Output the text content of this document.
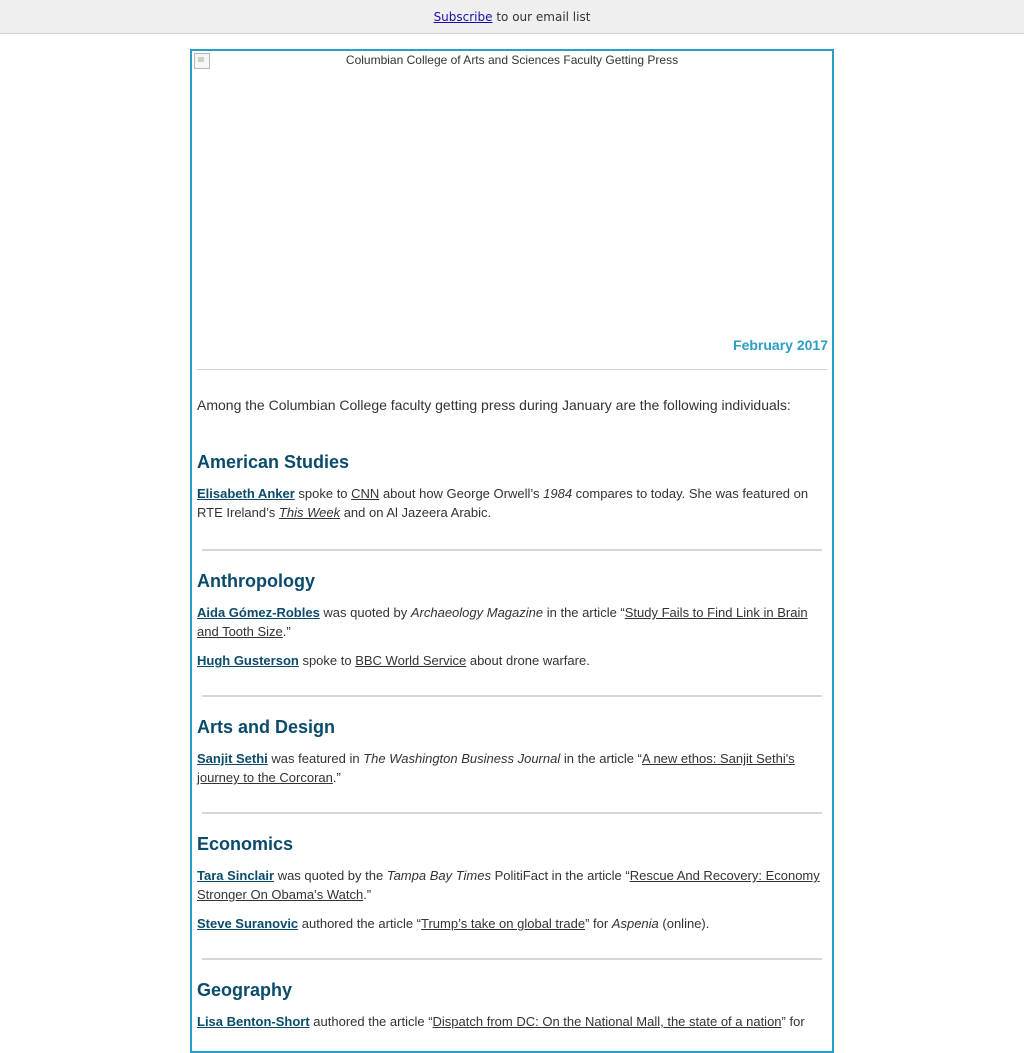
Subscribe to our email list
Columbian College of Arts and Sciences Faculty Getting Press
February 2017

Among the Columbian College faculty getting press during January are the following individuals:

American Studies

Elisabeth Anker spoke to CNN about how George Orwell’s 1984 compares to today. She was featured on RTE Ireland’s This Week and on Al Jazeera Arabic.

Anthropology

Aida Gómez-Robles was quoted by Archaeology Magazine in the article “Study Fails to Find Link in Brain and Tooth Size.”

Hugh Gusterson spoke to BBC World Service about drone warfare.

Arts and Design

Sanjit Sethi was featured in The Washington Business Journal in the article “A new ethos: Sanjit Sethi's journey to the Corcoran.”

Economics

Tara Sinclair was quoted by the Tampa Bay Times PolitiFact in the article “Rescue And Recovery: Economy Stronger On Obama’s Watch.”

Steve Suranovic authored the article “Trump’s take on global trade” for Aspenia (online).

Geography

Lisa Benton-Short authored the article “Dispatch from DC: On the National Mall, the state of a nation” for
